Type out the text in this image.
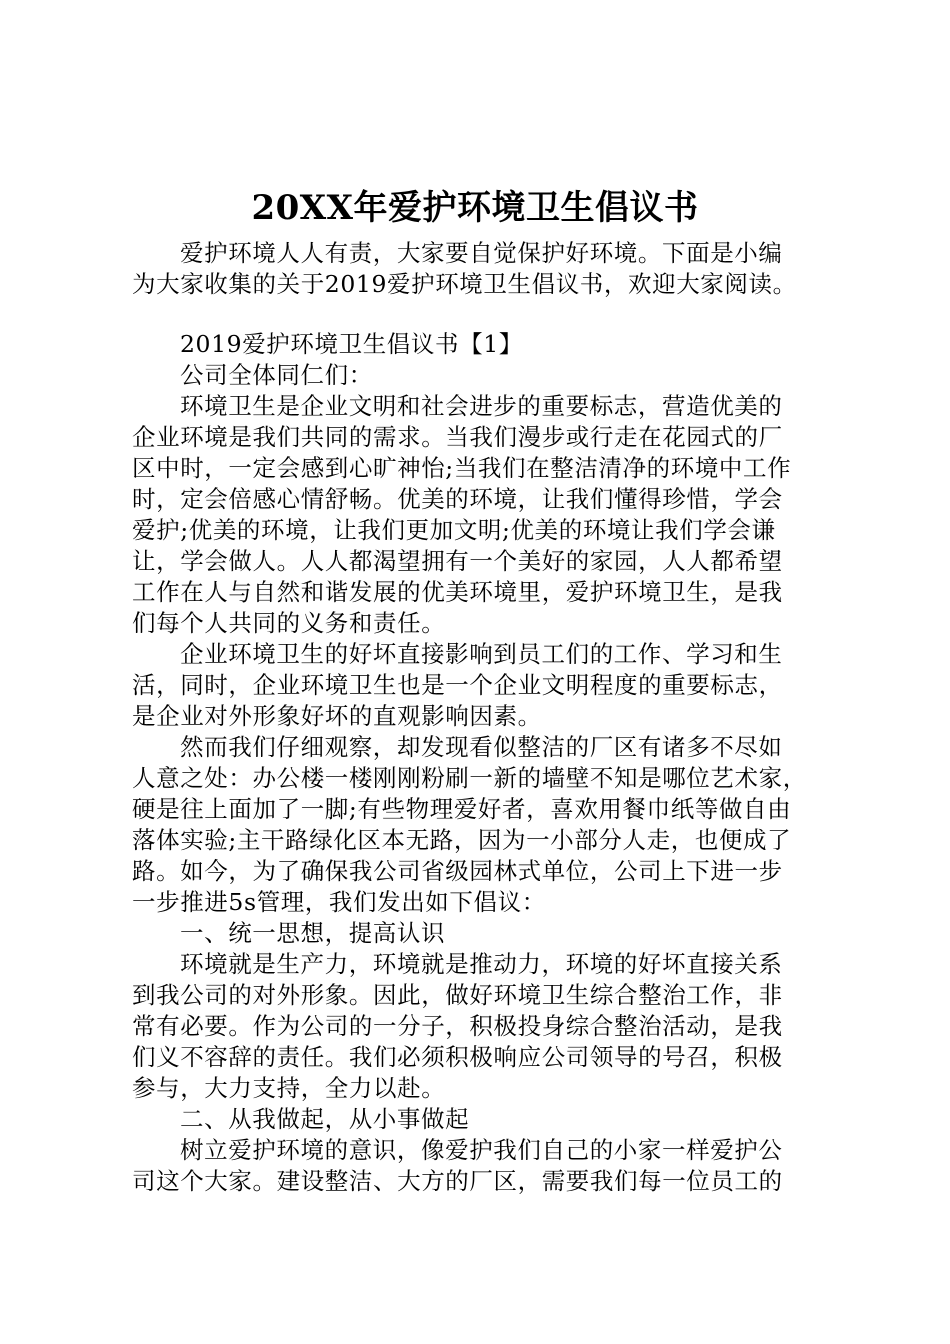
20XX年爱护环境卫生倡议书
爱护环境人人有责，大家要自觉保护好环境。下面是小编
为大家收集的关于2019爱护环境卫生倡议书，欢迎大家阅读。
2019爱护环境卫生倡议书【1】
公司全体同仁们：
环境卫生是企业文明和社会进步的重要标志，营造优美的
企业环境是我们共同的需求。当我们漫步或行走在花园式的厂
区中时，一定会感到心旷神怡;当我们在整洁清净的环境中工作
时，定会倍感心情舒畅。优美的环境，让我们懂得珍惜，学会
爱护;优美的环境，让我们更加文明;优美的环境让我们学会谦
让，学会做人。人人都渴望拥有一个美好的家园，人人都希望
工作在人与自然和谐发展的优美环境里，爱护环境卫生，是我
们每个人共同的义务和责任。
企业环境卫生的好坏直接影响到员工们的工作、学习和生
活，同时，企业环境卫生也是一个企业文明程度的重要标志，
是企业对外形象好坏的直观影响因素。
然而我们仔细观察，却发现看似整洁的厂区有诸多不尽如
人意之处：办公楼一楼刚刚粉刷一新的墙壁不知是哪位艺术家，
硬是往上面加了一脚;有些物理爱好者，喜欢用餐巾纸等做自由
落体实验;主干路绿化区本无路，因为一小部分人走，也便成了
路。如今，为了确保我公司省级园林式单位，公司上下进一步
一步推进5s管理，我们发出如下倡议：
一、统一思想，提高认识
环境就是生产力，环境就是推动力，环境的好坏直接关系
到我公司的对外形象。因此，做好环境卫生综合整治工作，非
常有必要。作为公司的一分子，积极投身综合整治活动，是我
们义不容辞的责任。我们必须积极响应公司领导的号召，积极
参与，大力支持，全力以赴。
二、从我做起，从小事做起
树立爱护环境的意识，像爱护我们自己的小家一样爱护公
司这个大家。建设整洁、大方的厂区，需要我们每一位员工的
